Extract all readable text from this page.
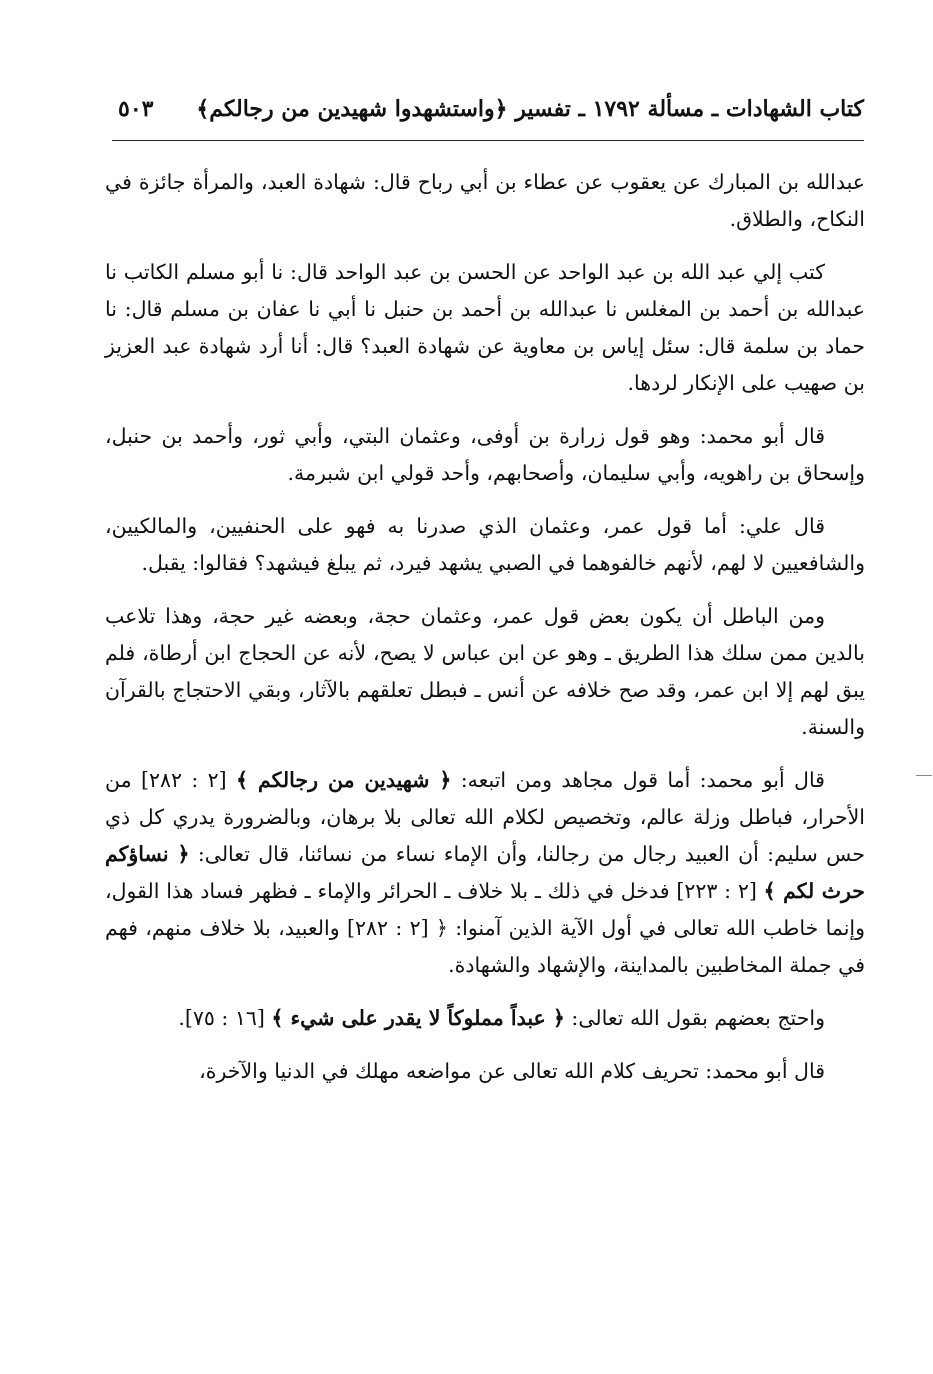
كتاب الشهادات ـ مسألة ١٧٩٢ ـ تفسير ﴿واستشهدوا شهيدين من رجالكم﴾
٥٠٣

عبدالله بن المبارك عن يعقوب عن عطاء بن أبي رباح قال: شهادة العبد، والمرأة جائزة في النكاح، والطلاق.

كتب إلي عبد الله بن عبد الواحد عن الحسن بن عبد الواحد قال: نا أبو مسلم الكاتب نا عبدالله بن أحمد بن المغلس نا عبدالله بن أحمد بن حنبل نا أبي نا عفان بن مسلم قال: نا حماد بن سلمة قال: سئل إياس بن معاوية عن شهادة العبد؟ قال: أنا أرد شهادة عبد العزيز بن صهيب على الإنكار لردها.

قال أبو محمد: وهو قول زرارة بن أوفى، وعثمان البتي، وأبي ثور، وأحمد بن حنبل، وإسحاق بن راهويه، وأبي سليمان، وأصحابهم، وأحد قولي ابن شبرمة.

قال علي: أما قول عمر، وعثمان الذي صدرنا به فهو على الحنفيين، والمالكيين، والشافعيين لا لهم، لأنهم خالفوهما في الصبي يشهد فيرد، ثم يبلغ فيشهد؟ فقالوا: يقبل.

ومن الباطل أن يكون بعض قول عمر، وعثمان حجة، وبعضه غير حجة، وهذا تلاعب بالدين ممن سلك هذا الطريق ـ وهو عن ابن عباس لا يصح، لأنه عن الحجاج ابن أرطاة، فلم يبق لهم إلا ابن عمر، وقد صح خلافه عن أنس ـ فبطل تعلقهم بالآثار، وبقي الاحتجاج بالقرآن والسنة.

قال أبو محمد: أما قول مجاهد ومن اتبعه: ﴿ شهيدين من رجالكم ﴾ [٢ : ٢٨٢] من الأحرار، فباطل وزلة عالم، وتخصيص لكلام الله تعالى بلا برهان، وبالضرورة يدري كل ذي حس سليم: أن العبيد رجال من رجالنا، وأن الإماء نساء من نسائنا، قال تعالى: ﴿ نساؤكم حرث لكم ﴾ [٢ : ٢٢٣] فدخل في ذلك ـ بلا خلاف ـ الحرائر والإماء ـ فظهر فساد هذا القول، وإنما خاطب الله تعالى في أول الآية الذين آمنوا: ﴿ [٢ : ٢٨٢] والعبيد، بلا خلاف منهم، فهم في جملة المخاطبين بالمداينة، والإشهاد والشهادة.

واحتج بعضهم بقول الله تعالى: ﴿ عبداً مملوكاً لا يقدر على شيء ﴾ [١٦ : ٧٥].

قال أبو محمد: تحريف كلام الله تعالى عن مواضعه مهلك في الدنيا والآخرة،
